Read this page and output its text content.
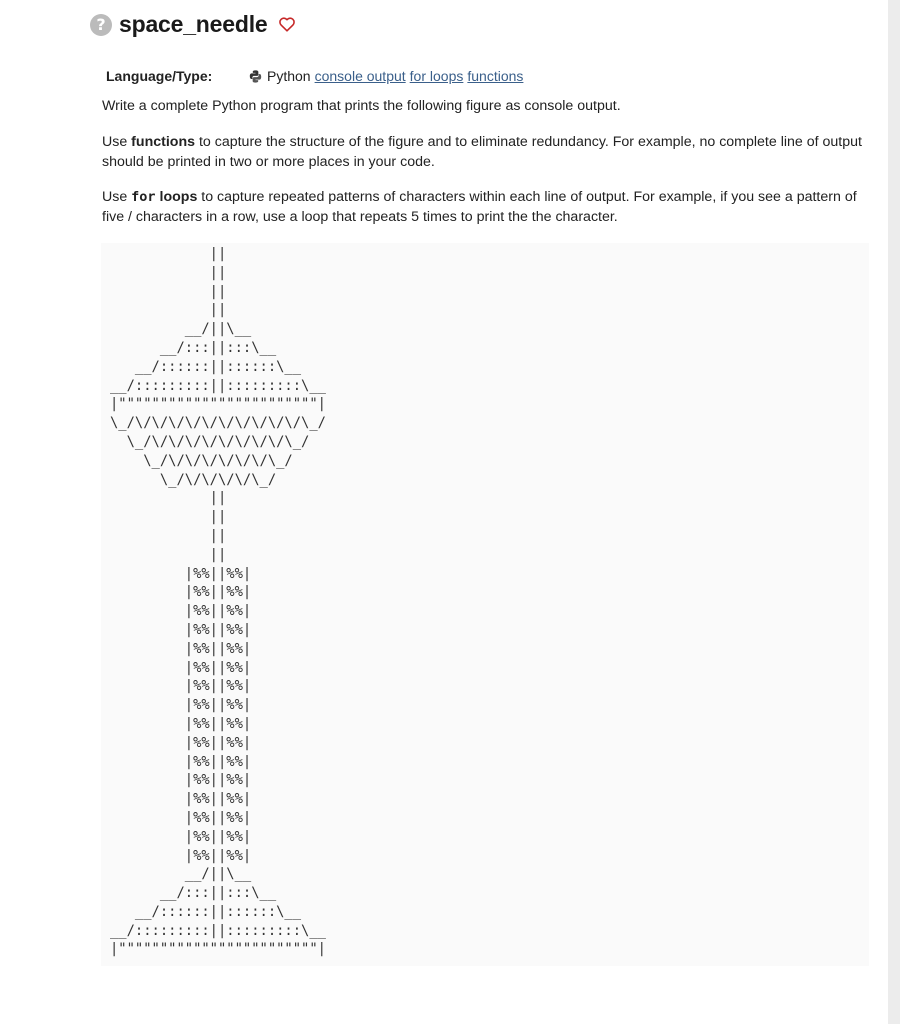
? space_needle
Language/Type:	Python console output for loops functions
Write a complete Python program that prints the following figure as console output.
Use functions to capture the structure of the figure and to eliminate redundancy. For example, no complete line of output should be printed in two or more places in your code.
Use for loops to capture repeated patterns of characters within each line of output. For example, if you see a pattern of five / characters in a row, use a loop that repeats 5 times to print the the character.
||
||
||
||
__/||\__
__/:::||:::\__
__/::::::||::::::\__
__/:::::::::||:::::::::\__
|""""""""""""""""""""""""|
\_/\/\/\/\/\/\/\/\/\/\/\_/
\_/\/\/\/\/\/\/\/\/\_/
\_/\/\/\/\/\/\/\_/
\_/\/\/\/\/\_/
||
||
||
||
|%%||%%|
|%%||%%|
|%%||%%|
|%%||%%|
|%%||%%|
|%%||%%|
|%%||%%|
|%%||%%|
|%%||%%|
|%%||%%|
|%%||%%|
|%%||%%|
|%%||%%|
|%%||%%|
|%%||%%|
|%%||%%|
__/||\__
__/:::||:::\__
__/::::::||::::::\__
__/:::::::::||:::::::::\__
|""""""""""""""""""""""""|
